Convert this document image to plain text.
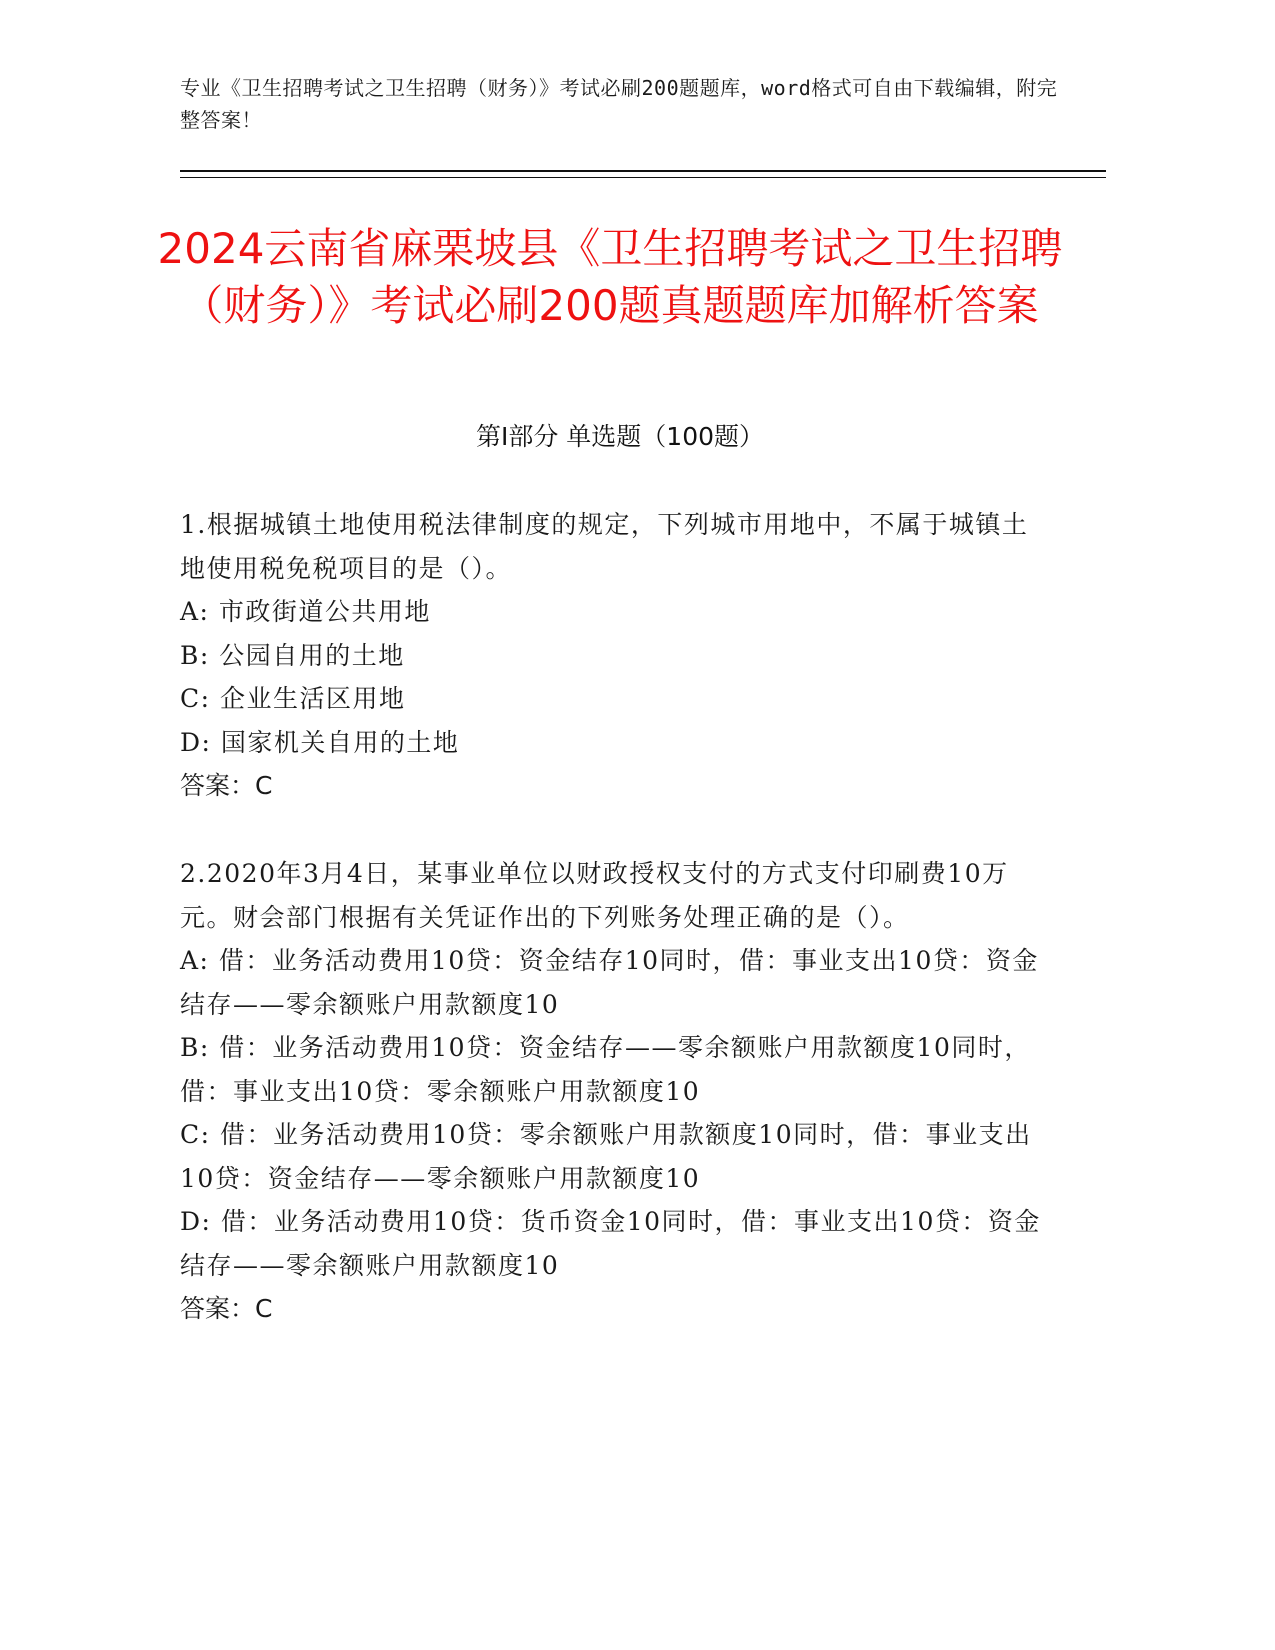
专业《卫生招聘考试之卫生招聘（财务）》考试必刷200题题库，word格式可自由下载编辑，附完整答案！
2024云南省麻栗坡县《卫生招聘考试之卫生招聘（财务）》考试必刷200题真题题库加解析答案
第Ⅰ部分 单选题（100题）

1.根据城镇土地使用税法律制度的规定，下列城市用地中，不属于城镇土地使用税免税项目的是（）。

A: 市政街道公共用地

B: 公园自用的土地

C: 企业生活区用地

D: 国家机关自用的土地

答案：C

2.2020年3月4日，某事业单位以财政授权支付的方式支付印刷费10万元。财会部门根据有关凭证作出的下列账务处理正确的是（）。

A: 借：业务活动费用10贷：资金结存10同时，借：事业支出10贷：资金结存——零余额账户用款额度10

B: 借：业务活动费用10贷：资金结存——零余额账户用款额度10同时，借：事业支出10贷：零余额账户用款额度10

C: 借：业务活动费用10贷：零余额账户用款额度10同时，借：事业支出10贷：资金结存——零余额账户用款额度10

D: 借：业务活动费用10贷：货币资金10同时，借：事业支出10贷：资金结存——零余额账户用款额度10

答案：C
